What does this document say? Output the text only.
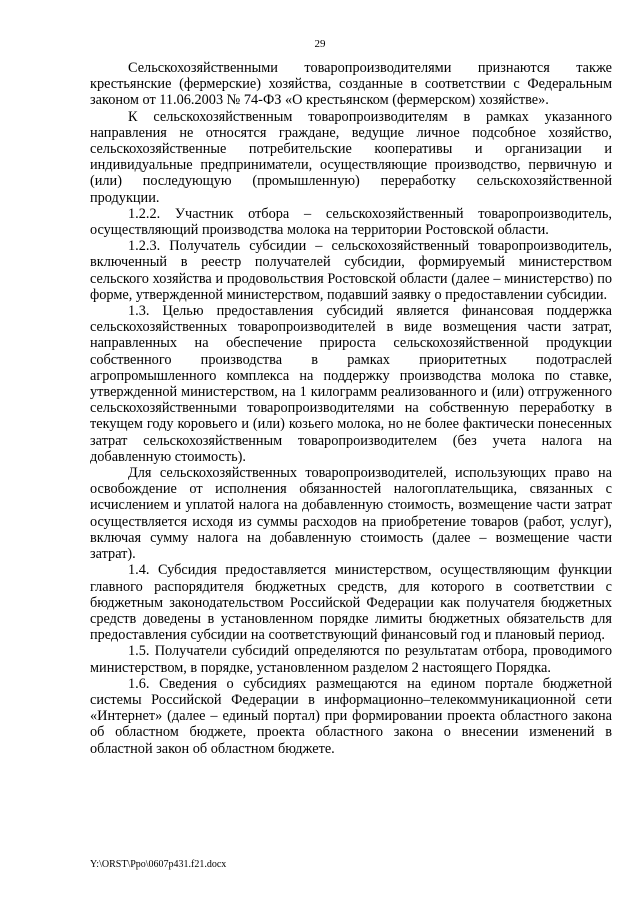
29

Сельскохозяйственными товаропроизводителями признаются также крестьянские (фермерские) хозяйства, созданные в соответствии с Федеральным законом от 11.06.2003 № 74-ФЗ «О крестьянском (фермерском) хозяйстве».

К сельскохозяйственным товаропроизводителям в рамках указанного направления не относятся граждане, ведущие личное подсобное хозяйство, сельскохозяйственные потребительские кооперативы и организации и индивидуальные предприниматели, осуществляющие производство, первичную и (или) последующую (промышленную) переработку сельскохозяйственной продукции.

1.2.2. Участник отбора – сельскохозяйственный товаропроизводитель, осуществляющий производства молока на территории Ростовской области.

1.2.3. Получатель субсидии – сельскохозяйственный товаропроизводитель, включенный в реестр получателей субсидии, формируемый министерством сельского хозяйства и продовольствия Ростовской области (далее – министерство) по форме, утвержденной министерством, подавший заявку о предоставлении субсидии.

1.3. Целью предоставления субсидий является финансовая поддержка сельскохозяйственных товаропроизводителей в виде возмещения части затрат, направленных на обеспечение прироста сельскохозяйственной продукции собственного производства в рамках приоритетных подотраслей агропромышленного комплекса на поддержку производства молока по ставке, утвержденной министерством, на 1 килограмм реализованного и (или) отгруженного сельскохозяйственными товаропроизводителями на собственную переработку в текущем году коровьего и (или) козьего молока, но не более фактически понесенных затрат сельскохозяйственным товаропроизводителем (без учета налога на добавленную стоимость).

Для сельскохозяйственных товаропроизводителей, использующих право на освобождение от исполнения обязанностей налогоплательщика, связанных с исчислением и уплатой налога на добавленную стоимость, возмещение части затрат осуществляется исходя из суммы расходов на приобретение товаров (работ, услуг), включая сумму налога на добавленную стоимость (далее – возмещение части затрат).

1.4. Субсидия предоставляется министерством, осуществляющим функции главного распорядителя бюджетных средств, для которого в соответствии с бюджетным законодательством Российской Федерации как получателя бюджетных средств доведены в установленном порядке лимиты бюджетных обязательств для предоставления субсидии на соответствующий финансовый год и плановый период.

1.5. Получатели субсидий определяются по результатам отбора, проводимого министерством, в порядке, установленном разделом 2 настоящего Порядка.

1.6. Сведения о субсидиях размещаются на едином портале бюджетной системы Российской Федерации в информационно–телекоммуникационной сети «Интернет» (далее – единый портал) при формировании проекта областного закона об областном бюджете, проекта областного закона о внесении изменений в областной закон об областном бюджете.

Y:\ORST\Ppo\0607p431.f21.docx
